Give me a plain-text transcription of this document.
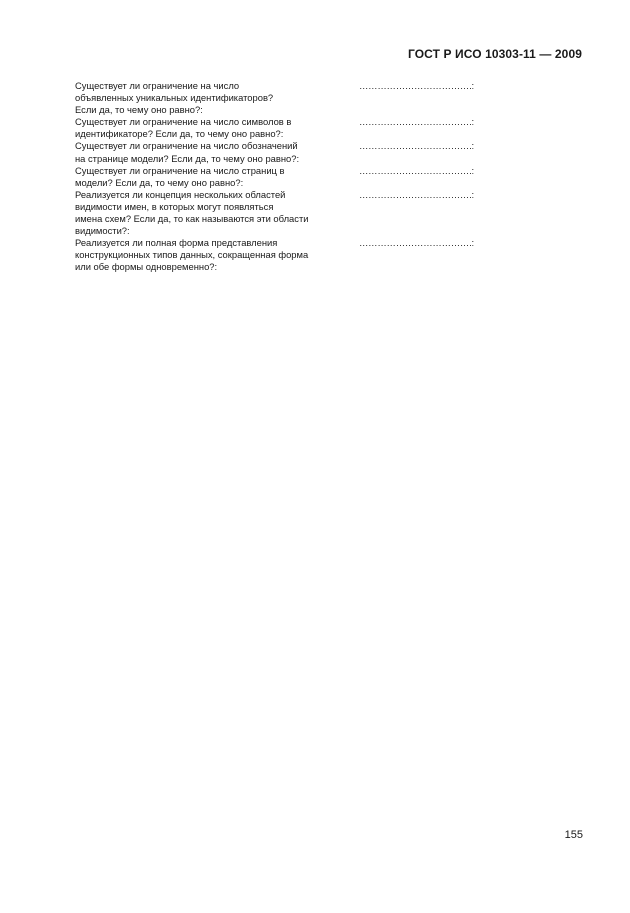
ГОСТ Р ИСО 10303-11 — 2009
Существует ли ограничение на число
объявленных уникальных идентификаторов?
Если да, то чему оно равно?:
……………………………….:
Существует ли ограничение на число символов в
идентификаторе? Если да, то чему оно равно?:
……………………………….:
Существует ли ограничение на число обозначений
на странице модели? Если да, то чему оно равно?:
……………………………….:
Существует ли ограничение на число страниц в
модели? Если да, то чему оно равно?:
……………………………….:
Реализуется ли концепция нескольких областей
видимости имен, в которых могут появляться
имена схем? Если да, то как называются эти области
видимости?:
……………………………….:
Реализуется ли полная форма представления
конструкционных типов данных, сокращенная форма
или обе формы одновременно?:
……………………………….:
155
